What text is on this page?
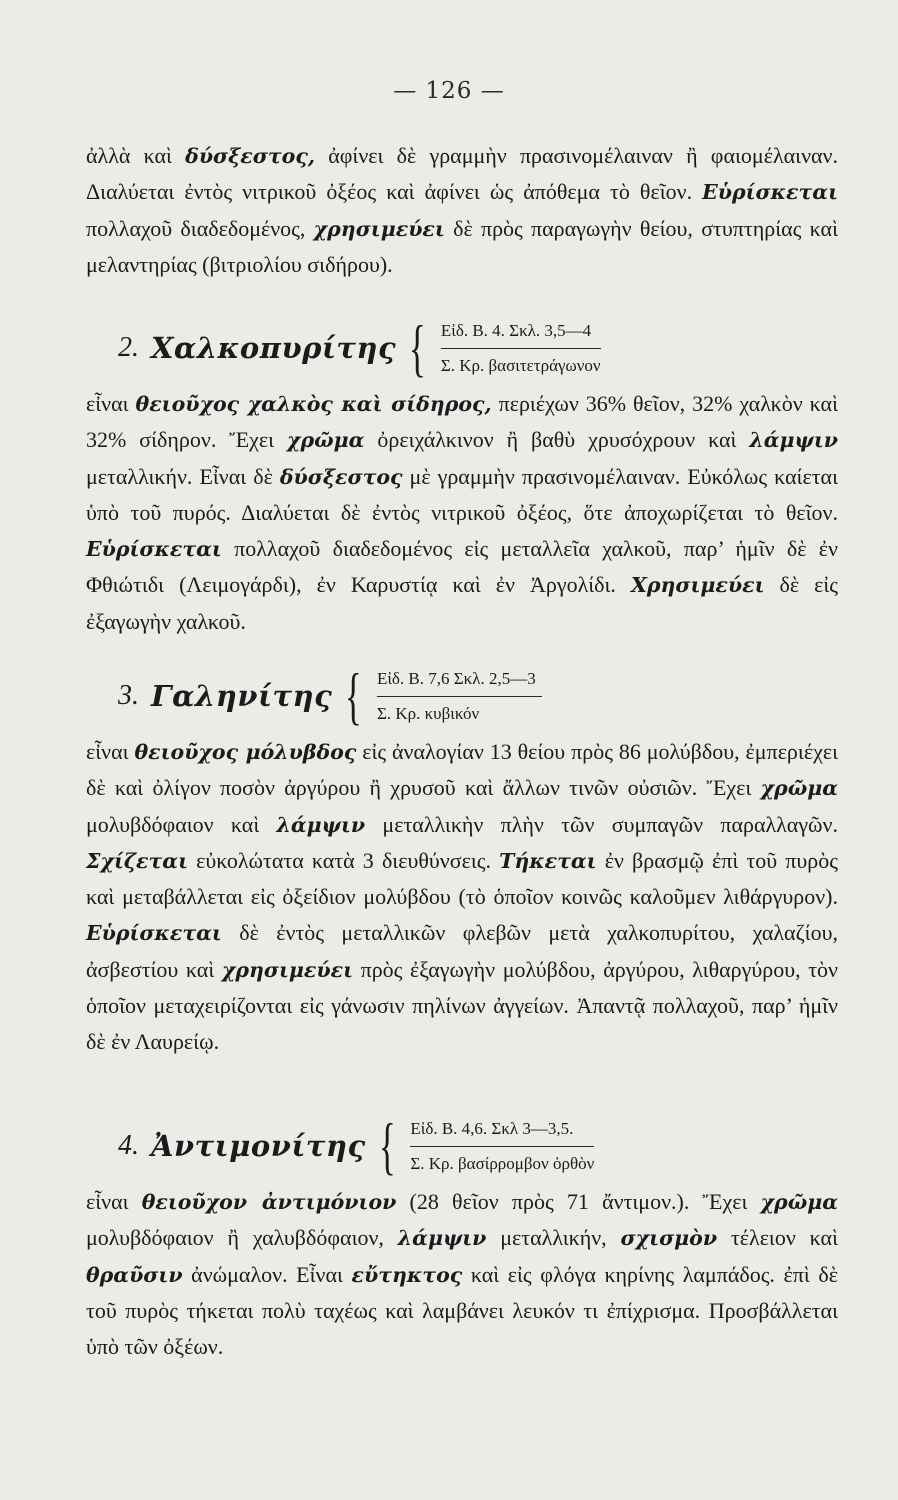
— 126 —
ἀλλὰ καὶ δύσξεστος, ἀφίνει δὲ γραμμὴν πρασινομέλαιναν ἢ φαιομέλαιναν. Διαλύεται ἐντὸς νιτρικοῦ ὀξέος καὶ ἀφίνει ὡς ἀπόθεμα τὸ θεῖον. Εὑρίσκεται πολλαχοῦ διαδεδομένος, χρησιμεύει δὲ πρὸς παραγωγὴν θείου, στυπτηρίας καὶ μελαντηρίας (βιτριολίου σιδήρου).
2. Χαλκοπυρίτης { Εἰδ. Β. 4. Σκλ. 3,5—4
Σ. Κρ. βασιτετράγωνον
εἶναι θειοῦχος χαλκὸς καὶ σίδηρος, περιέχων 36% θεῖον, 32% χαλκὸν καὶ 32% σίδηρον. Ἔχει χρῶμα ὀρειχάλκινον ἢ βαθὺ χρυσόχρουν καὶ λάμψιν μεταλλικήν. Εἶναι δὲ δύσξεστος μὲ γραμμὴν πρασινομέλαιναν. Εὐκόλως καίεται ὑπὸ τοῦ πυρός. Διαλύεται δὲ ἐντὸς νιτρικοῦ ὀξέος, ὅτε ἀποχωρίζεται τὸ θεῖον. Εὑρίσκεται πολλαχοῦ διαδεδομένος εἰς μεταλλεῖα χαλκοῦ, παρ’ ἡμῖν δὲ ἐν Φθιώτιδι (Λειμογάρδι), ἐν Καρυστίᾳ καὶ ἐν Ἀργολίδι. Χρησιμεύει δὲ εἰς ἐξαγωγὴν χαλκοῦ.
3. Γαληνίτης { Εἰδ. Β. 7,6 Σκλ. 2,5—3
Σ. Κρ. κυβικόν
εἶναι θειοῦχος μόλυβδος εἰς ἀναλογίαν 13 θείου πρὸς 86 μολύβδου, ἐμπεριέχει δὲ καὶ ὀλίγον ποσὸν ἀργύρου ἢ χρυσοῦ καὶ ἄλλων τινῶν οὐσιῶν. Ἔχει χρῶμα μολυβδόφαιον καὶ λάμψιν μεταλλικὴν πλὴν τῶν συμπαγῶν παραλλαγῶν. Σχίζεται εὐκολώτατα κατὰ 3 διευθύνσεις. Τήκεται ἐν βρασμῷ ἐπὶ τοῦ πυρὸς καὶ μεταβάλλεται εἰς ὀξείδιον μολύβδου (τὸ ὁποῖον κοινῶς καλοῦμεν λιθάργυρον). Εὑρίσκεται δὲ ἐντὸς μεταλλικῶν φλεβῶν μετὰ χαλκοπυρίτου, χαλαζίου, ἀσβεστίου καὶ χρησιμεύει πρὸς ἐξαγωγὴν μολύβδου, ἀργύρου, λιθαργύρου, τὸν ὁποῖον μεταχειρίζονται εἰς γάνωσιν πηλίνων ἀγγείων. Ἀπαντᾷ πολλαχοῦ, παρ’ ἡμῖν δὲ ἐν Λαυρείῳ.
4. Ἀντιμονίτης { Εἰδ. Β. 4,6. Σκλ 3—3,5.
Σ. Κρ. βασίρρομβον ὀρθὸν
εἶναι θειοῦχον ἀντιμόνιον (28 θεῖον πρὸς 71 ἄντιμον.). Ἔχει χρῶμα μολυβδόφαιον ἢ χαλυβδόφαιον, λάμψιν μεταλλικήν, σχισμὸν τέλειον καὶ θραῦσιν ἀνώμαλον. Εἶναι εὔτηκτος καὶ εἰς φλόγα κηρίνης λαμπάδος. ἐπὶ δὲ τοῦ πυρὸς τήκεται πολὺ ταχέως καὶ λαμβάνει λευκόν τι ἐπίχρισμα. Προσβάλλεται ὑπὸ τῶν ὀξέων.
